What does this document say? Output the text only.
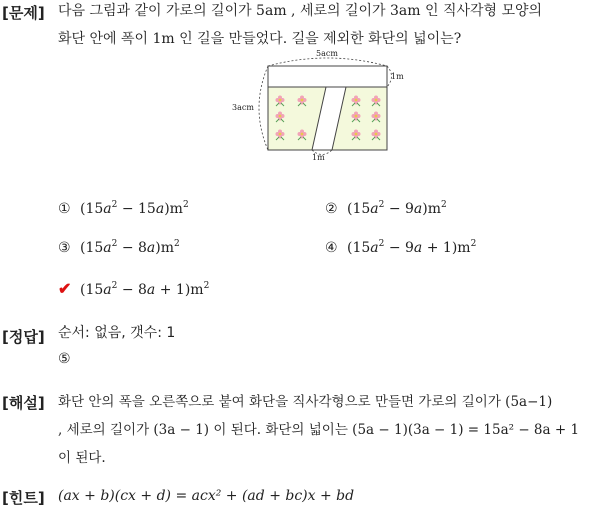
[문제] 다음 그림과 같이 가로의 길이가 5am , 세로의 길이가 3am 인 직사각형 모양의
화단 안에 폭이 1m 인 길을 만들었다. 길을 제외한 화단의 넓이는?
5acm
1m
3acm
1m
① $(15a^2 - 15a)m^2$	② $(15a^2 - 9a)m^2$
③ $(15a^2 - 8a)m^2$	④ $(15a^2 - 9a + 1)m^2$
✔ $(15a^2 - 8a + 1)m^2$
[정답] 순서: 없음, 갯수: 1
⑤
[해설] 화단 안의 폭을 오른쪽으로 붙여 화단을 직사각형으로 만들면 가로의 길이가 (5a−1)
, 세로의 길이가 (3a − 1) 이 된다. 화단의 넓이는 (5a − 1)(3a − 1) = 15a² − 8a + 1
이 된다.
[힌트] (ax + b)(cx + d) = acx² + (ad + bc)x + bd
